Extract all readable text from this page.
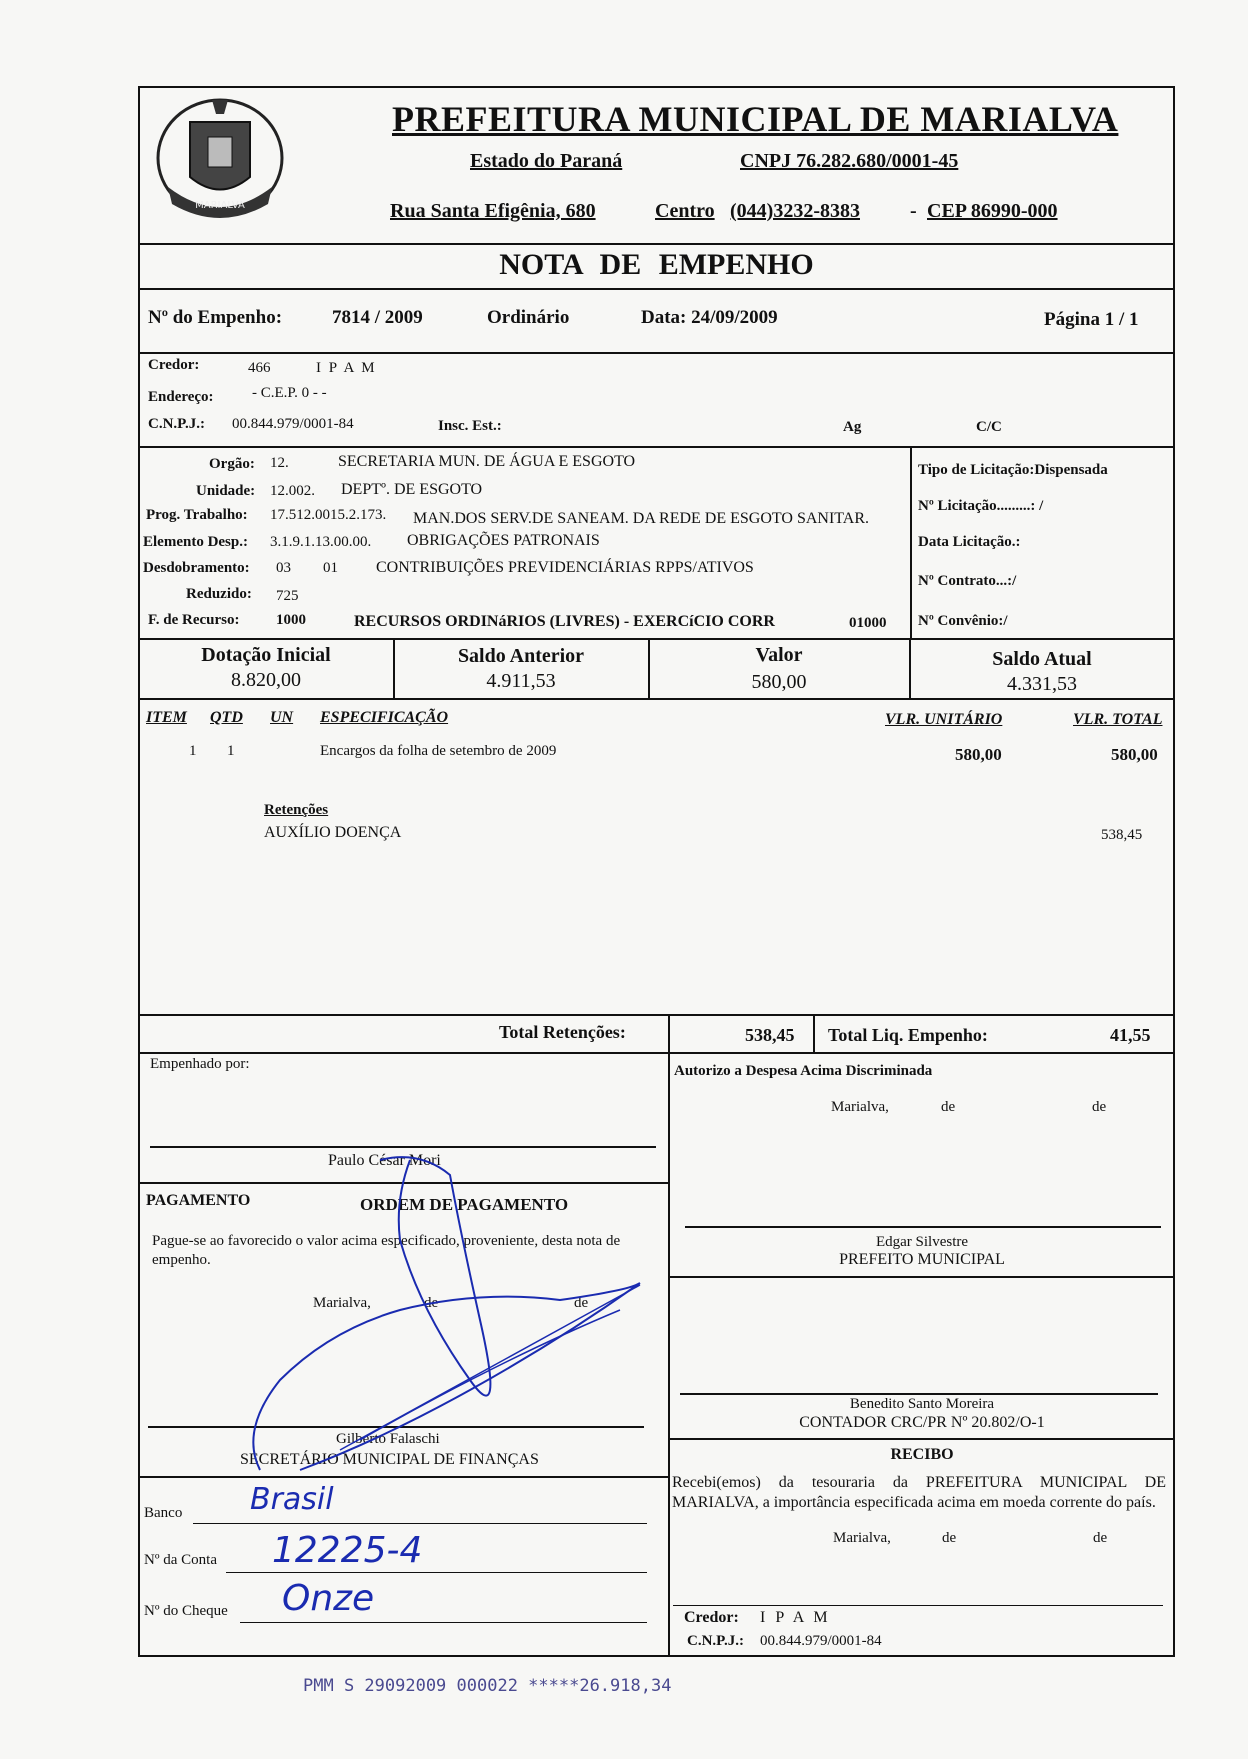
MARIALVA
PREFEITURA MUNICIPAL DE MARIALVA
Estado do Paraná	CNPJ 76.282.680/0001-45
Rua Santa Efigênia, 680	Centro (044)3232-8383	- CEP 86990-000
NOTA DE EMPENHO
Nº do Empenho:	7814 / 2009	Ordinário	Data: 24/09/2009	Página 1 / 1
Credor:	466	I P A M
Endereço:	- C.E.P. 0 - -
C.N.P.J.: 00.844.979/0001-84	Insc. Est.:	Ag	C/C
Orgão: 12.	SECRETARIA MUN. DE ÁGUA E ESGOTO
Unidade: 12.002. DEPTº. DE ESGOTO
Prog. Trabalho: 17.512.0015.2.173. MAN.DOS SERV.DE SANEAM. DA REDE DE ESGOTO SANITAR.
Elemento Desp.: 3.1.9.1.13.00.00. OBRIGAÇÕES PATRONAIS
Desdobramento: 03 01 CONTRIBUIÇÕES PREVIDENCIÁRIAS RPPS/ATIVOS
Reduzido: 725
F. de Recurso: 1000	RECURSOS ORDINáRIOS (LIVRES) - EXERCíCIO CORR	01000
Tipo de Licitação:Dispensada
Nº Licitação.........: /
Data Licitação.:
Nº Contrato...:/
Nº Convênio:/
Dotação Inicial
8.820,00
Saldo Anterior
4.911,53
Valor
580,00
Saldo Atual
4.331,53
ITEM QTD UN ESPECIFICAÇÃO	VLR. UNITÁRIO	VLR. TOTAL
1 1	Encargos da folha de setembro de 2009	580,00	580,00
Retenções
AUXÍLIO DOENÇA	538,45
Total Retenções:	538,45 Total Liq. Empenho:	41,55
Empenhado por:
Paulo César Mori
PAGAMENTO	ORDEM DE PAGAMENTO
Pague-se ao favorecido o valor acima especificado, proveniente, desta nota de empenho.
Marialva,	de	de
Gilberto Falaschi
SECRETÁRIO MUNICIPAL DE FINANÇAS
Banco Brasil
Nº da Conta 12225-4
Nº do Cheque Onze
Autorizo a Despesa Acima Discriminada
Marialva,	de	de
Edgar Silvestre
PREFEITO MUNICIPAL
Benedito Santo Moreira
CONTADOR CRC/PR Nº 20.802/O-1
RECIBO
Recebi(emos) da tesouraria da PREFEITURA MUNICIPAL DE MARIALVA, a importância especificada acima em moeda corrente do país.
Marialva,	de	de
Credor: I P A M
C.N.P.J.: 00.844.979/0001-84
PMM S 29092009 000022 *****26.918,34
